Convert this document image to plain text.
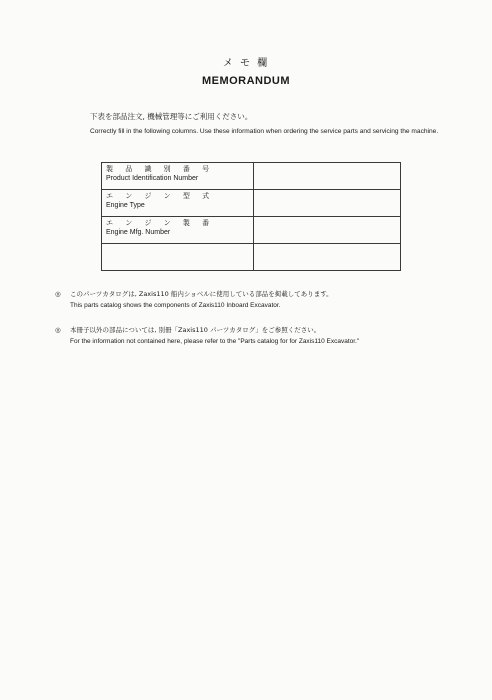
メ モ 欄
MEMORANDUM
下表を部品注文, 機械管理等にご利用ください。
Correctly fill in the following columns. Use these information when ordering the service parts and servicing the machine.
製 品 識 別 番 号
Product Identification Number	

エ ン ジ ン 型 式
Engine Type	

エ ン ジ ン 製 番
Engine Mfg. Number	

◎ このパーツカタログは, Zaxis110 船内ショベルに使用している部品を掲載してあります。
This parts catalog shows the components of Zaxis110 Inboard Excavator.
◎ 本冊子以外の部品については, 別冊「Zaxis110 パーツカタログ」をご参照ください。
For the information not contained here, please refer to the "Parts catalog for for Zaxis110 Excavator."
